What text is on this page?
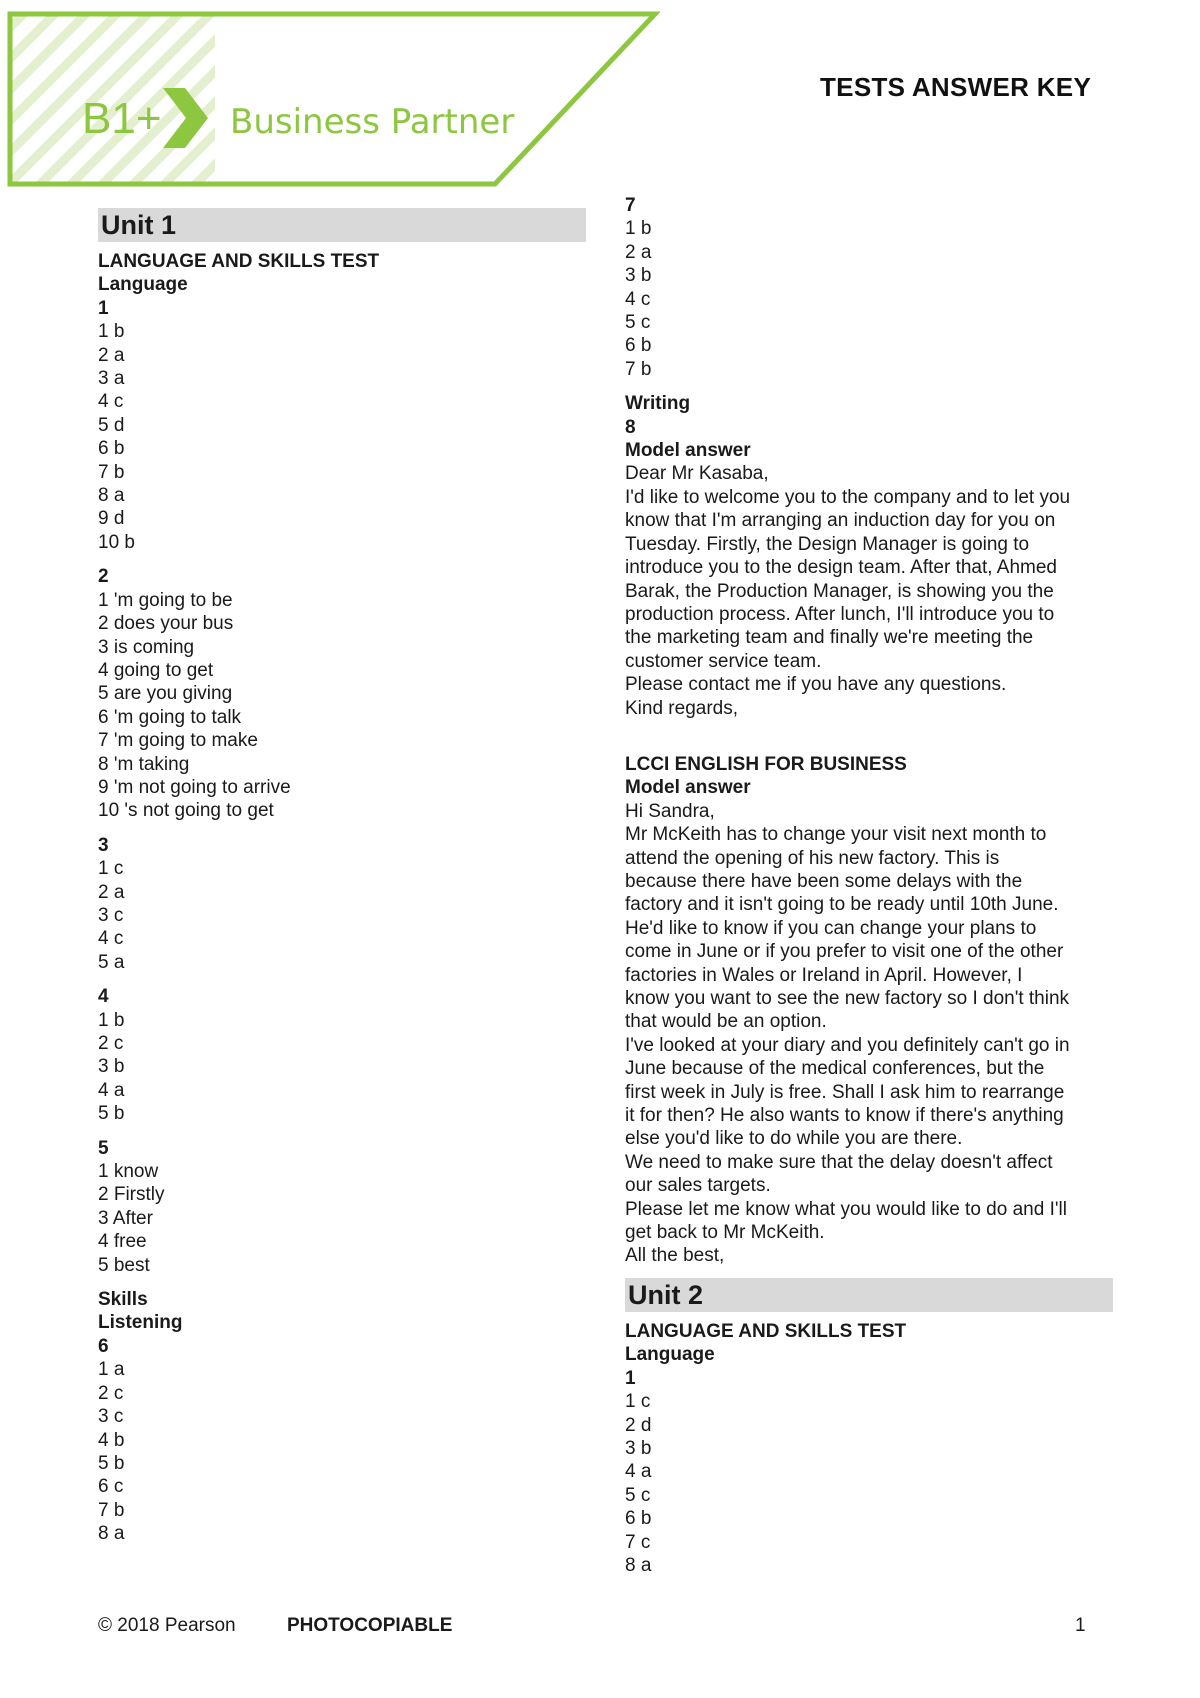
B1+ Business Partner
TESTS ANSWER KEY
Unit 1
LANGUAGE AND SKILLS TEST
Language
1
1 b
2 a
3 a
4 c
5 d
6 b
7 b
8 a
9 d
10 b
2
1 'm going to be
2 does your bus
3 is coming
4 going to get
5 are you giving
6 'm going to talk
7 'm going to make
8 'm taking
9 'm not going to arrive
10 's not going to get
3
1 c
2 a
3 c
4 c
5 a
4
1 b
2 c
3 b
4 a
5 b
5
1 know
2 Firstly
3 After
4 free
5 best
Skills
Listening
6
1 a
2 c
3 c
4 b
5 b
6 c
7 b
8 a
7
1 b
2 a
3 b
4 c
5 c
6 b
7 b
Writing
8
Model answer
Dear Mr Kasaba,
I'd like to welcome you to the company and to let you
know that I'm arranging an induction day for you on
Tuesday. Firstly, the Design Manager is going to
introduce you to the design team. After that, Ahmed
Barak, the Production Manager, is showing you the
production process. After lunch, I'll introduce you to
the marketing team and finally we're meeting the
customer service team.
Please contact me if you have any questions.
Kind regards,
LCCI ENGLISH FOR BUSINESS
Model answer
Hi Sandra,
Mr McKeith has to change your visit next month to
attend the opening of his new factory. This is
because there have been some delays with the
factory and it isn't going to be ready until 10th June.
He'd like to know if you can change your plans to
come in June or if you prefer to visit one of the other
factories in Wales or Ireland in April. However, I
know you want to see the new factory so I don't think
that would be an option.
I've looked at your diary and you definitely can't go in
June because of the medical conferences, but the
first week in July is free. Shall I ask him to rearrange
it for then? He also wants to know if there's anything
else you'd like to do while you are there.
We need to make sure that the delay doesn't affect
our sales targets.
Please let me know what you would like to do and I'll
get back to Mr McKeith.
All the best,
Unit 2
LANGUAGE AND SKILLS TEST
Language
1
1 c
2 d
3 b
4 a
5 c
6 b
7 c
8 a
© 2018 Pearson	PHOTOCOPIABLE	1
